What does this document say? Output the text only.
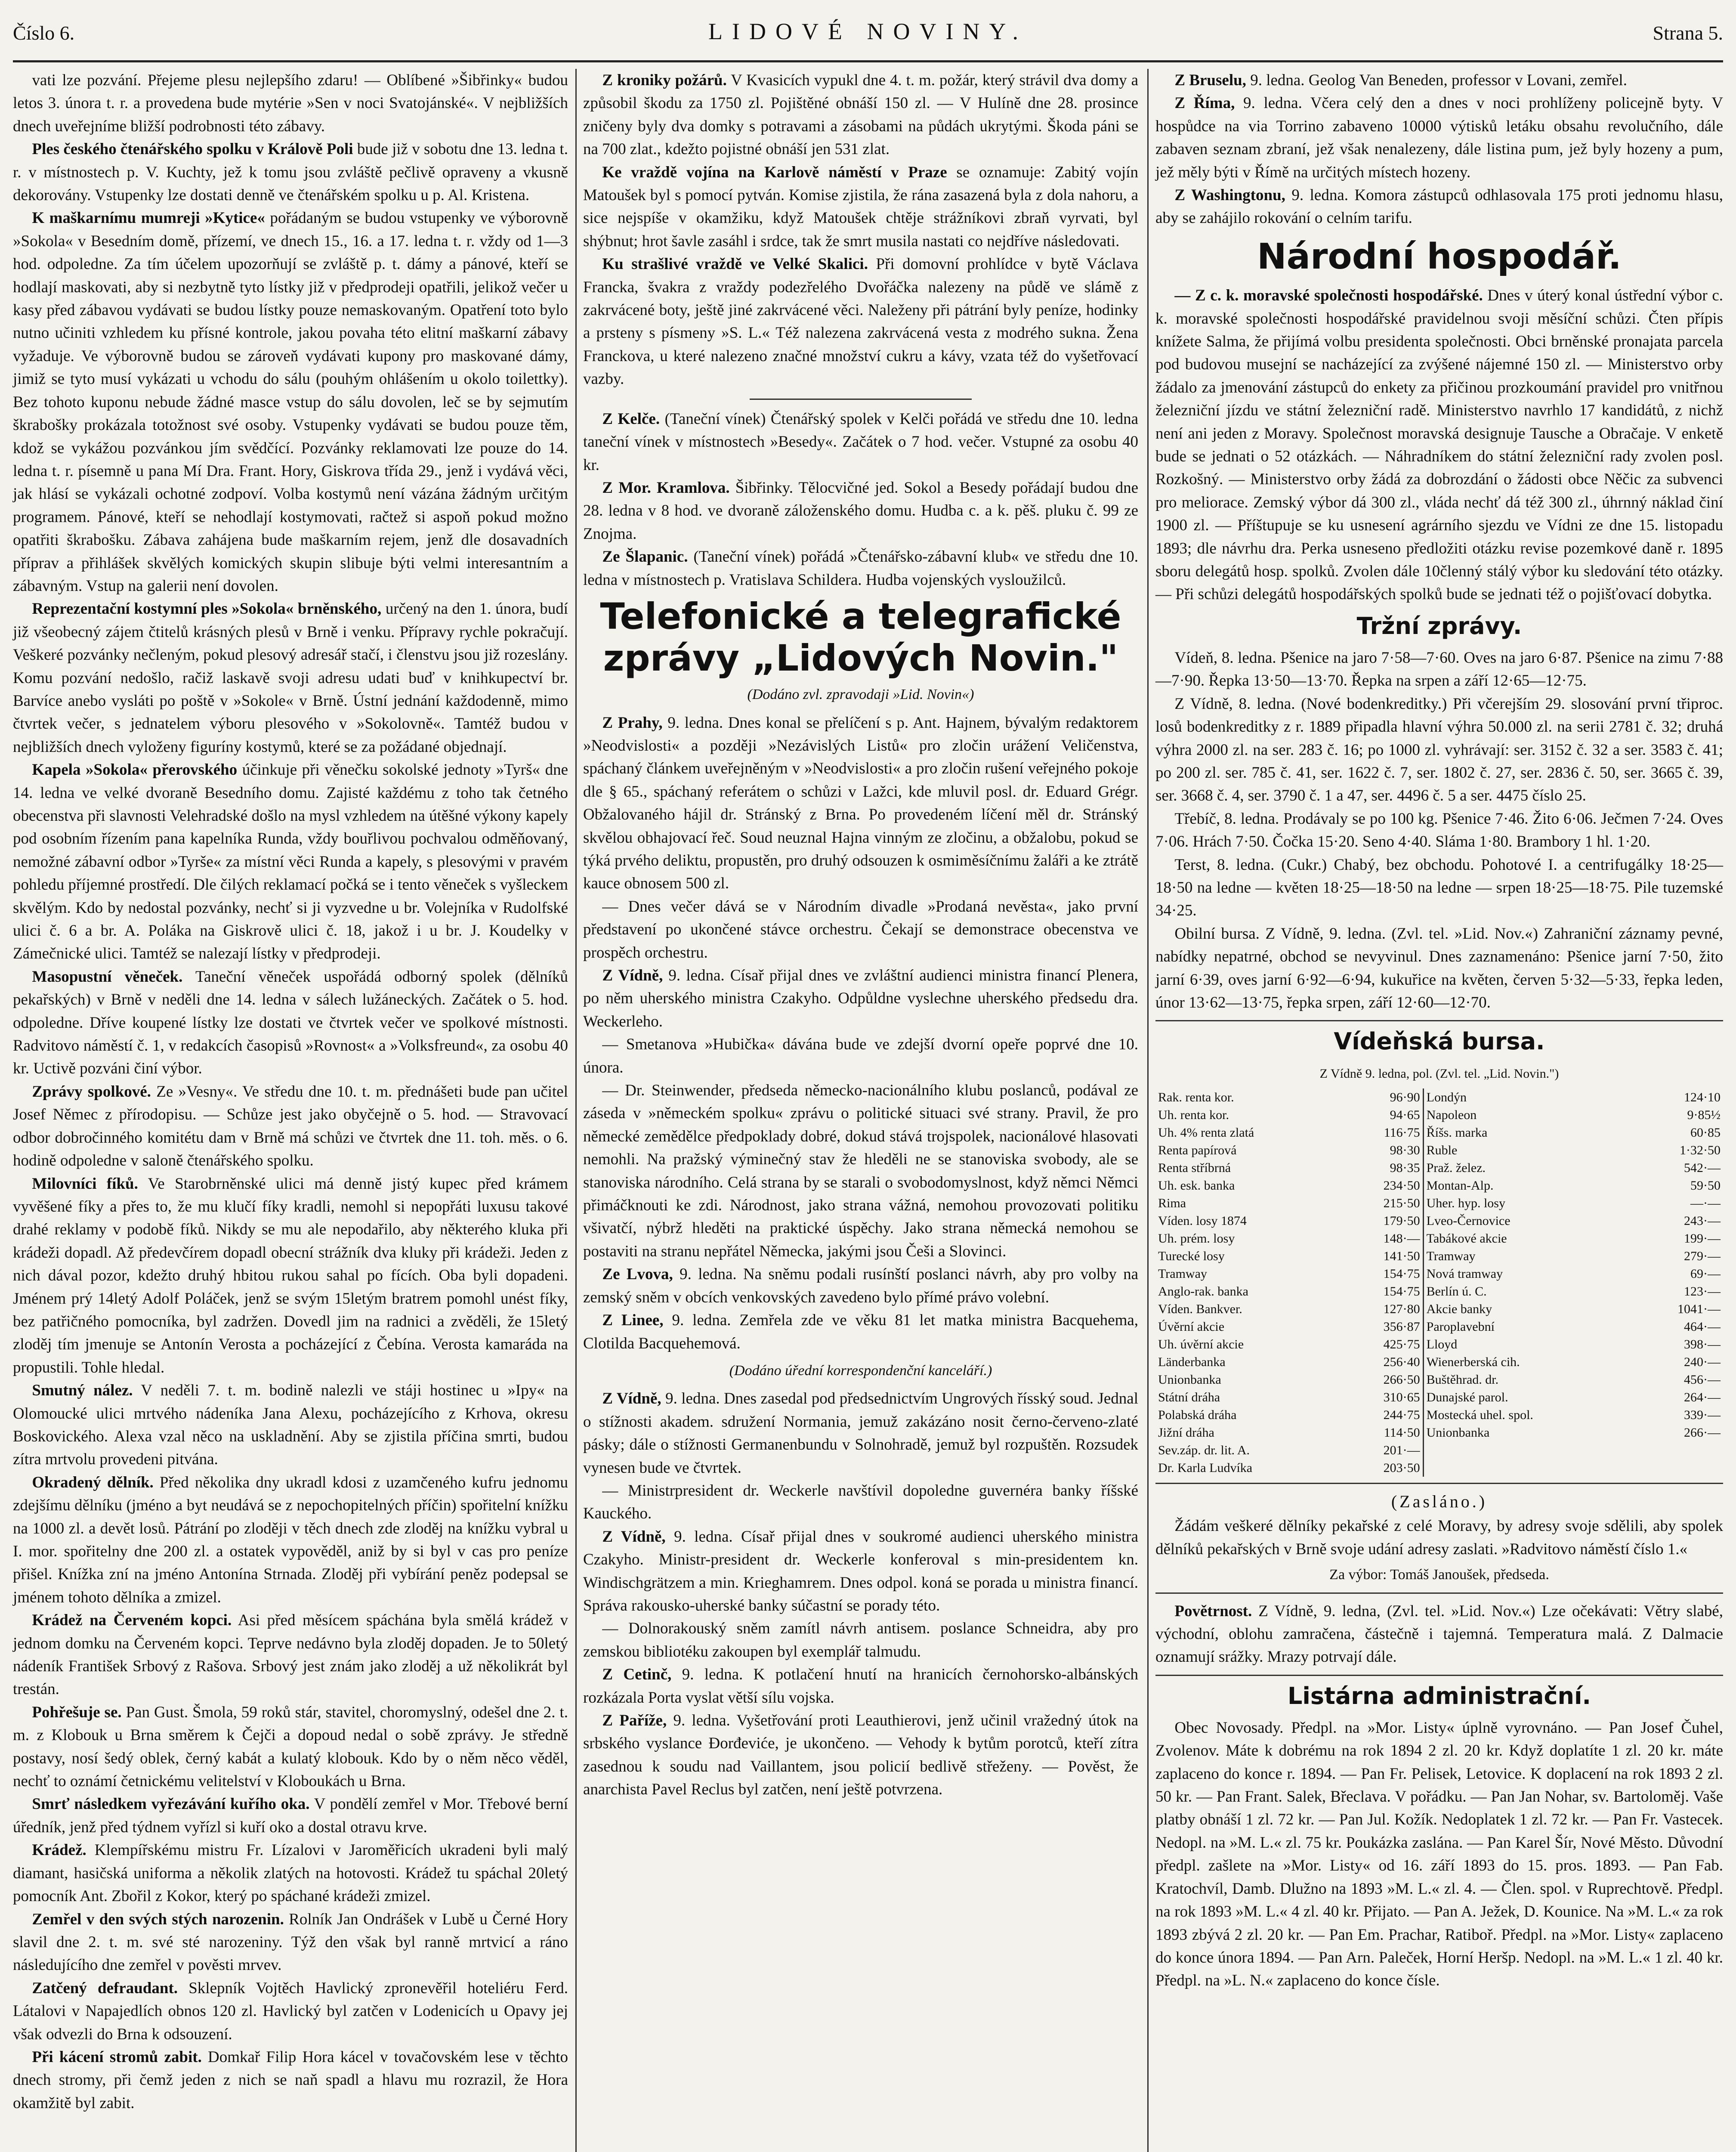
Číslo 6.	LIDOVÉ NOVINY.	Strana 5.

vati lze pozvání. Přejeme plesu nejlepšího zdaru! — Oblíbené »Šibřinky« budou letos 3. února t. r. a provedena bude mytérie »Sen v noci Svatojánské«. V nejbližších dnech uveřejníme bližší podrobnosti této zábavy.

Ples českého čtenářského spolku v Králově Poli bude již v sobotu dne 13. ledna t. r. v místnostech p. V. Kuchty, jež k tomu jsou zvláště pečlivě opraveny a vkusně dekorovány. Vstupenky lze dostati denně ve čtenářském spolku u p. Al. Kristena.

K maškarnímu mumreji »Kytice« pořádaným se budou vstupenky ve výborovně »Sokola« v Besedním domě, přízemí, ve dnech 15., 16. a 17. ledna t. r. vždy od 1—3 hod. odpoledne. Za tím účelem upozorňují se zvláště p. t. dámy a pánové, kteří se hodlají maskovati, aby si nezbytně tyto lístky již v předprodeji opatřili, jelikož večer u kasy před zábavou vydávati se budou lístky pouze nemaskovaným. Opatření toto bylo nutno učiniti vzhledem ku přísné kontrole, jakou povaha této elitní maškarní zábavy vyžaduje. Ve výborovně budou se zároveň vydávati kupony pro maskované dámy, jimiž se tyto musí vykázati u vchodu do sálu (pouhým ohlášením u okolo toilettky). Bez tohoto kuponu nebude žádné masce vstup do sálu dovolen, leč se by sejmutím škrabošky prokázala totožnost své osoby. Vstupenky vydávati se budou pouze těm, kdož se vykážou pozvánkou jím svědčící. Pozvánky reklamovati lze pouze do 14. ledna t. r. písemně u pana Mí Dra. Frant. Hory, Giskrova třída 29., jenž i vydává věci, jak hlásí se vykázali ochotné zodpoví. Volba kostymů není vázána žádným určitým programem. Pánové, kteří se nehodlají kostymovati, račtež si aspoň pokud možno opatřiti škrabošku. Zábava zahájena bude maškarním rejem, jenž dle dosavadních příprav a přihlášek skvělých komických skupin slibuje býti velmi interesantním a zábavným. Vstup na galerii není dovolen.

Reprezentační kostymní ples »Sokola« brněnského, určený na den 1. února, budí již všeobecný zájem čtitelů krásných plesů v Brně i venku. Přípravy rychle pokračují. Veškeré pozvánky nečleným, pokud plesový adresář stačí, i členstvu jsou již rozeslány. Komu pozvání nedošlo, račiž laskavě svoji adresu udati buď v knihkupectví br. Barvíce anebo vysláti po poště v »Sokole« v Brně. Ústní jednání každodenně, mimo čtvrtek večer, s jednatelem výboru plesového v »Sokolovně«. Tamtéž budou v nejbližších dnech vyloženy figuríny kostymů, které se za požádané objednají.

Kapela »Sokola« přerovského účinkuje při věnečku sokolské jednoty »Tyrš« dne 14. ledna ve velké dvoraně Besedního domu. Zajisté každému z toho tak četného obecenstva při slavnosti Velehradské došlo na mysl vzhledem na útěšné výkony kapely pod osobním řízením pana kapelníka Runda, vždy bouřlivou pochvalou odměňovaný, nemožné zábavní odbor »Tyrše« za místní věci Runda a kapely, s plesovými v pravém pohledu příjemné prostředí. Dle čilých reklamací počká se i tento věneček s vyšleckem skvělým. Kdo by nedostal pozvánky, nechť si ji vyzvedne u br. Volejníka v Rudolfské ulici č. 6 a br. A. Poláka na Giskrově ulici č. 18, jakož i u br. J. Koudelky v Zámečnické ulici. Tamtéž se nalezají lístky v předprodeji.

Masopustní věneček. Taneční věneček uspořádá odborný spolek (dělníků pekařských) v Brně v neděli dne 14. ledna v sálech lužáneckých. Začátek o 5. hod. odpoledne. Dříve koupené lístky lze dostati ve čtvrtek večer ve spolkové místnosti. Radvitovo náměstí č. 1, v redakcích časopisů »Rovnost« a »Volksfreund«, za osobu 40 kr. Uctivě pozváni činí výbor.

Zprávy spolkové. Ze »Vesny«. Ve středu dne 10. t. m. přednášeti bude pan učitel Josef Němec z přírodopisu. — Schůze jest jako obyčejně o 5. hod. — Stravovací odbor dobročinného komitétu dam v Brně má schůzi ve čtvrtek dne 11. toh. měs. o 6. hodině odpoledne v saloně čtenářského spolku.

Milovníci fíků. Ve Starobrněnské ulici má denně jistý kupec před krámem vyvěšené fíky a přes to, že mu klučí fíky kradli, nemohl si nepopřáti luxusu takové drahé reklamy v podobě fíků. Nikdy se mu ale nepodařilo, aby některého kluka při krádeži dopadl. Až předevčírem dopadl obecní strážník dva kluky při krádeži. Jeden z nich dával pozor, kdežto druhý hbitou rukou sahal po fících. Oba byli dopadeni. Jménem prý 14letý Adolf Poláček, jenž se svým 15letým bratrem pomohl unést fíky, bez patřičného pomocníka, byl zadržen. Dovedl jim na radnici a zvěděli, že 15letý zloděj tím jmenuje se Antonín Verosta a pocházející z Čebína. Verosta kamaráda na propustili. Tohle hledal.

Smutný nález. V neděli 7. t. m. bodině nalezli ve stáji hostinec u »Ipy« na Olomoucké ulici mrtvého nádeníka Jana Alexu, pocházejícího z Krhova, okresu Boskovického. Alexa vzal něco na uskladnění. Aby se zjistila příčina smrti, budou zítra mrtvolu provedeni pitvána.

Okradený dělník. Před několika dny ukradl kdosi z uzamčeného kufru jednomu zdejšímu dělníku (jméno a byt neudává se z nepochopitelných příčin) spořitelní knížku na 1000 zl. a devět losů. Pátrání po zloději v těch dnech zde zloděj na knížku vybral u I. mor. spořitelny dne 200 zl. a ostatek vypověděl, aniž by si byl v cas pro peníze přišel. Knížka zní na jméno Antonína Strnada. Zloděj při vybírání peněz podepsal se jménem tohoto dělníka a zmizel.

Krádež na Červeném kopci. Asi před měsícem spáchána byla smělá krádež v jednom domku na Červeném kopci. Teprve nedávno byla zloděj dopaden. Je to 50letý nádeník František Srbový z Rašova. Srbový jest znám jako zloděj a už několikrát byl trestán.

Pohřešuje se. Pan Gust. Šmola, 59 roků stár, stavitel, choromyslný, odešel dne 2. t. m. z Klobouk u Brna směrem k Čejči a dopoud nedal o sobě zprávy. Je středně postavy, nosí šedý oblek, černý kabát a kulatý klobouk. Kdo by o něm něco věděl, nechť to oznámí četnickému velitelství v Kloboukách u Brna.

Smrť následkem vyřezávání kuřího oka. V pondělí zemřel v Mor. Třebové berní úředník, jenž před týdnem vyřízl si kuří oko a dostal otravu krve.

Krádež. Klempířskému mistru Fr. Lízalovi v Jaroměřicích ukradeni byli malý diamant, hasičská uniforma a několik zlatých na hotovosti. Krádež tu spáchal 20letý pomocník Ant. Zbořil z Kokor, který po spáchané krádeži zmizel.

Zemřel v den svých stých narozenin. Rolník Jan Ondrášek v Lubě u Černé Hory slavil dne 2. t. m. své sté narozeniny. Týž den však byl ranně mrtvicí a ráno následujícího dne zemřel v pověsti mrvev.

Zatčený defraudant. Sklepník Vojtěch Havlický zpronevěřil hoteliéru Ferd. Látalovi v Napajedlích obnos 120 zl. Havlický byl zatčen v Lodenicích u Opavy jej však odvezli do Brna k odsouzení.

Při kácení stromů zabit. Domkař Filip Hora kácel v tovačovském lese v těchto dnech stromy, při čemž jeden z nich se naň spadl a hlavu mu rozrazil, že Hora okamžitě byl zabit.

Z kroniky požárů. V Kvasicích vypukl dne 4. t. m. požár, který strávil dva domy a způsobil škodu za 1750 zl. Pojištěné obnáší 150 zl. — V Hulíně dne 28. prosince zničeny byly dva domky s potravami a zásobami na půdách ukrytými. Škoda páni se na 700 zlat., kdežto pojistné obnáší jen 531 zlat.

Ke vraždě vojína na Karlově náměstí v Praze se oznamuje: Zabitý vojín Matoušek byl s pomocí pytván. Komise zjistila, že rána zasazená byla z dola nahoru, a sice nejspíše v okamžiku, když Matoušek chtěje strážníkovi zbraň vyrvati, byl shýbnut; hrot šavle zasáhl i srdce, tak že smrt musila nastati co nejdříve následovati.

Ku strašlivé vraždě ve Velké Skalici. Při domovní prohlídce v bytě Václava Francka, švakra z vraždy podezřelého Dvořáčka nalezeny na půdě ve slámě z zakrvácené boty, ještě jiné zakrvácené věci. Naleženy při pátrání byly peníze, hodinky a prsteny s písmeny »S. L.« Též nalezena zakrvácená vesta z modrého sukna. Žena Franckova, u které nalezeno značné množství cukru a kávy, vzata též do vyšetřovací vazby.

Z Kelče. (Taneční vínek) Čtenářský spolek v Kelči pořádá ve středu dne 10. ledna taneční vínek v místnostech »Besedy«. Začátek o 7 hod. večer. Vstupné za osobu 40 kr.

Z Mor. Kramlova. Šibřinky. Tělocvičné jed. Sokol a Besedy pořádají budou dne 28. ledna v 8 hod. ve dvoraně záloženského domu. Hudba c. a k. pěš. pluku č. 99 ze Znojma.

Ze Šlapanic. (Taneční vínek) pořádá »Čtenářsko-zábavní klub« ve středu dne 10. ledna v místnostech p. Vratislava Schildera. Hudba vojenských vysloužilců.

Telefonické a telegrafické zprávy „Lidových Novin."
(Dodáno zvl. zpravodaji »Lid. Novin«)

Z Prahy, 9. ledna. Dnes konal se přelíčení s p. Ant. Hajnem, bývalým redaktorem »Neodvislosti« a později »Nezávislých Listů« pro zločin urážení Veličenstva, spáchaný článkem uveřejněným v »Neodvislosti« a pro zločin rušení veřejného pokoje dle § 65., spáchaný referátem o schůzi v Lažci, kde mluvil posl. dr. Eduard Grégr. Obžalovaného hájil dr. Stránský z Brna. Po provedeném líčení měl dr. Stránský skvělou obhajovací řeč. Soud neuznal Hajna vinným ze zločinu, a obžalobu, pokud se týká prvého deliktu, propustěn, pro druhý odsouzen k osmiměsíčnímu žaláři a ke ztrátě kauce obnosem 500 zl.

— Dnes večer dává se v Národním divadle »Prodaná nevěsta«, jako první představení po ukončené stávce orchestru. Čekají se demonstrace obecenstva ve prospěch orchestru.

Z Vídně, 9. ledna. Císař přijal dnes ve zvláštní audienci ministra financí Plenera, po něm uherského ministra Czakyho. Odpůldne vyslechne uherského předsedu dra. Weckerleho.

— Smetanova »Hubička« dávána bude ve zdejší dvorní opeře poprvé dne 10. února.

— Dr. Steinwender, předseda německo-nacionálního klubu poslanců, podával ze záseda v »německém spolku« zprávu o politické situaci své strany. Pravil, že pro německé zemědělce předpoklady dobré, dokud stává trojspolek, nacionálové hlasovati nemohli. Na pražský výminečný stav že hleděli ne se stanoviska svobody, ale se stanoviska národního. Celá strana by se starali o svobodomyslnost, když němci Němci přimáčknouti ke zdi. Národnost, jako strana vážná, nemohou provozovati politiku všivatčí, nýbrž hleděti na praktické úspěchy. Jako strana německá nemohou se postaviti na stranu nepřátel Německa, jakými jsou Češi a Slovinci.

Ze Lvova, 9. ledna. Na sněmu podali rusínští poslanci návrh, aby pro volby na zemský sněm v obcích venkovských zavedeno bylo přímé právo volební.

Z Linee, 9. ledna. Zemřela zde ve věku 81 let matka ministra Bacquehema, Clotilda Bacquehemová.

(Dodáno úřední korrespondenční kanceláří.)

Z Vídně, 9. ledna. Dnes zasedal pod předsednictvím Ungrových řísský soud. Jednal o stížnosti akadem. sdružení Normania, jemuž zakázáno nosit černo-červeno-zlaté pásky; dále o stížnosti Germanenbundu v Solnohradě, jemuž byl rozpuštěn. Rozsudek vynesen bude ve čtvrtek.

— Ministrpresident dr. Weckerle navštívil dopoledne guvernéra banky říšské Kauckého.

Z Vídně, 9. ledna. Císař přijal dnes v soukromé audienci uherského ministra Czakyho. Ministr-president dr. Weckerle konferoval s min-presidentem kn. Windischgrätzem a min. Krieghamrem. Dnes odpol. koná se porada u ministra financí. Správa rakousko-uherské banky súčastní se porady této.

— Dolnorakouský sněm zamítl návrh antisem. poslance Schneidra, aby pro zemskou bibliotéku zakoupen byl exemplář talmudu.

Z Cetinč, 9. ledna. K potlačení hnutí na hranicích černohorsko-albánských rozkázala Porta vyslat větší sílu vojska.

Z Paříže, 9. ledna. Vyšetřování proti Leauthierovi, jenž učinil vražedný útok na srbského vyslance Đorđeviće, je ukončeno. — Vehody k bytům porotců, kteří zítra zasednou k soudu nad Vaillantem, jsou policií bedlivě střeženy. — Pověst, že anarchista Pavel Reclus byl zatčen, není ještě potvrzena.

Z Bruselu, 9. ledna. Geolog Van Beneden, professor v Lovani, zemřel.

Z Říma, 9. ledna. Včera celý den a dnes v noci prohlíženy policejně byty. V hospůdce na via Torrino zabaveno 10000 výtisků letáku obsahu revolučního, dále zabaven seznam zbraní, jež však nenalezeny, dále listina pum, jež byly hozeny a pum, jež měly býti v Římě na určitých místech hozeny.

Z Washingtonu, 9. ledna. Komora zástupců odhlasovala 175 proti jednomu hlasu, aby se zahájilo rokování o celním tarifu.

Národní hospodář.

— Z c. k. moravské společnosti hospodářské. Dnes v úterý konal ústřední výbor c. k. moravské společnosti hospodářské pravidelnou svoji měsíční schůzi. Čten přípis knížete Salma, že přijímá volbu presidenta společnosti. Obci brněnské pronajata parcela pod budovou musejní se nacházející za zvýšené nájemné 150 zl. — Ministerstvo orby žádalo za jmenování zástupců do enkety za přičinou prozkoumání pravidel pro vnitřnou železniční jízdu ve státní železniční radě. Ministerstvo navrhlo 17 kandidátů, z nichž není ani jeden z Moravy. Společnost moravská designuje Tausche a Obračaje. V enketě bude se jednati o 52 otázkách. — Náhradníkem do státní železniční rady zvolen posl. Rozkošný. — Ministerstvo orby žádá za dobrozdání o žádosti obce Něčic za subvenci pro meliorace. Zemský výbor dá 300 zl., vláda nechť dá též 300 zl., úhrnný náklad činí 1900 zl. — Příštupuje se ku usnesení agrárního sjezdu ve Vídni ze dne 15. listopadu 1893; dle návrhu dra. Perka usneseno předložiti otázku revise pozemkové daně r. 1895 sboru delegátů hosp. spolků. Zvolen dále 10členný stálý výbor ku sledování této otázky. — Při schůzi delegátů hospodářských spolků bude se jednati též o pojišťovací dobytka.

Tržní zprávy.

Vídeň, 8. ledna. Pšenice na jaro 7·58—7·60. Oves na jaro 6·87. Pšenice na zimu 7·88—7·90. Řepka 13·50—13·70. Řepka na srpen a září 12·65—12·75.

Z Vídně, 8. ledna. (Nové bodenkreditky.) Při včerejším 29. slosování první třiproc. losů bodenkreditky z r. 1889 připadla hlavní výhra 50.000 zl. na serii 2781 č. 32; druhá výhra 2000 zl. na ser. 283 č. 16; po 1000 zl. vyhrávají: ser. 3152 č. 32 a ser. 3583 č. 41; po 200 zl. ser. 785 č. 41, ser. 1622 č. 7, ser. 1802 č. 27, ser. 2836 č. 50, ser. 3665 č. 39, ser. 3668 č. 4, ser. 3790 č. 1 a 47, ser. 4496 č. 5 a ser. 4475 číslo 25.

Třebíč, 8. ledna. Prodávaly se po 100 kg. Pšenice 7·46. Žito 6·06. Ječmen 7·24. Oves 7·06. Hrách 7·50. Čočka 15·20. Seno 4·40. Sláma 1·80. Brambory 1 hl. 1·20.

Terst, 8. ledna. (Cukr.) Chabý, bez obchodu. Pohotové I. a centrifugálky 18·25—18·50 na ledne — květen 18·25—18·50 na ledne — srpen 18·25—18·75. Pile tuzemské 34·25.

Obilní bursa. Z Vídně, 9. ledna. (Zvl. tel. »Lid. Nov.«) Zahraniční záznamy pevné, nabídky nepatrné, obchod se nevyvinul. Dnes zaznamenáno: Pšenice jarní 7·50, žito jarní 6·39, oves jarní 6·92—6·94, kukuřice na květen, červen 5·32—5·33, řepka leden, únor 13·62—13·75, řepka srpen, září 12·60—12·70.

Vídeňská bursa.
Z Vídně 9. ledna, pol. (Zvl. tel. „Lid. Novin.")
Rak. renta kor.	96·90	Londýn	124·10
Uh. renta kor.	94·65	Napoleon	9·85½
Uh. 4% renta zlatá	116·75	Říšs. marka	60·85
Renta papírová	98·30	Ruble	1·32·50
Renta stříbrná	98·35	Praž. želez.	542·—
Uh. esk. banka	234·50	Montan-Alp.	59·50
Rima	215·50	Uher. hyp. losy	—·—
Víden. losy 1874	179·50	Lveo-Černovice	243·—
Uh. prém. losy	148·—	Tabákové akcie	199·—
Turecké losy	141·50	Tramway	279·—
Tramway	154·75	Nová tramway	69·—
Anglo-rak. banka	154·75	Berlín ú. C.	123·—
Víden. Bankver.	127·80	Akcie banky	1041·—
Úvěrní akcie	356·87	Paroplavební	464·—
Uh. úvěrní akcie	425·75	Lloyd	398·—
Länderbanka	256·40	Wienerberská cih.	240·—
Unionbanka	266·50	Buštěhrad. dr.	456·—
Státní dráha	310·65	Dunajské parol.	264·—
Polabská dráha	244·75	Mostecká uhel. spol.	339·—
Jižní dráha	114·50	Unionbanka	266·—
Sev.záp. dr. lit. A.	201·—		
Dr. Karla Ludvíka	203·50		
(Zasláno.)

Žádám veškeré dělníky pekařské z celé Moravy, by adresy svoje sdělili, aby spolek dělníků pekařských v Brně svoje udání adresy zaslati. »Radvitovo náměstí číslo 1.«

Za výbor: Tomáš Janoušek, předseda.

Povětrnost. Z Vídně, 9. ledna, (Zvl. tel. »Lid. Nov.«) Lze očekávati: Větry slabé, východní, oblohu zamračena, částečně i tajemná. Temperatura malá. Z Dalmacie oznamují srážky. Mrazy potrvají dále.

Listárna administrační.

Obec Novosady. Předpl. na »Mor. Listy« úplně vyrovnáno. — Pan Josef Čuhel, Zvolenov. Máte k dobrému na rok 1894 2 zl. 20 kr. Když doplatíte 1 zl. 20 kr. máte zaplaceno do konce r. 1894. — Pan Fr. Pelisek, Letovice. K doplacení na rok 1893 2 zl. 50 kr. — Pan Frant. Salek, Břeclava. V pořádku. — Pan Jan Nohar, sv. Bartoloměj. Vaše platby obnáší 1 zl. 72 kr. — Pan Jul. Kožík. Nedoplatek 1 zl. 72 kr. — Pan Fr. Vastecek. Nedopl. na »M. L.« zl. 75 kr. Poukázka zaslána. — Pan Karel Šír, Nové Město. Důvodní předpl. zašlete na »Mor. Listy« od 16. září 1893 do 15. pros. 1893. — Pan Fab. Kratochvíl, Damb. Dlužno na 1893 »M. L.« zl. 4. — Člen. spol. v Ruprechtově. Předpl. na rok 1893 »M. L.« 4 zl. 40 kr. Přijato. — Pan A. Ježek, D. Kounice. Na »M. L.« za rok 1893 zbývá 2 zl. 20 kr. — Pan Em. Prachar, Ratiboř. Předpl. na »Mor. Listy« zaplaceno do konce února 1894. — Pan Arn. Paleček, Horní Heršp. Nedopl. na »M. L.« 1 zl. 40 kr. Předpl. na »L. N.« zaplaceno do konce čísle.
